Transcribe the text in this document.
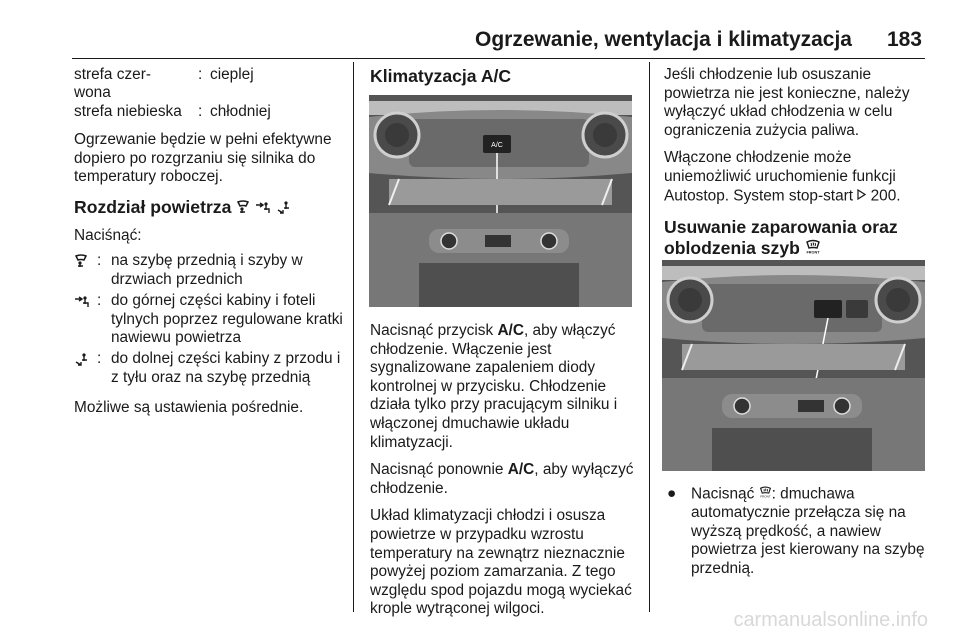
Ogrzewanie, wentylacja i klimatyzacja 183
strefa czer-
wona
: cieplej
strefa niebieska : chłodniej

Ogrzewanie będzie w pełni efektywne dopiero po rozgrzaniu się silnika do temperatury roboczej.

Rozdział powietrza
Naciśnąć:
: na szybę przednią i szyby w drzwiach przednich
: do górnej części kabiny i foteli tylnych poprzez regulowane kratki nawiewu powietrza
: do dolnej części kabiny z przodu i z tyłu oraz na szybę przednią

Możliwe są ustawienia pośrednie.

Klimatyzacja A/C
A/C

Nacisnąć przycisk A/C, aby włączyć chłodzenie. Włączenie jest sygnalizowane zapaleniem diody kontrolnej w przycisku. Chłodzenie działa tylko przy pracującym silniku i włączonej dmuchawie układu klimatyzacji.

Nacisnąć ponownie A/C, aby wyłączyć chłodzenie.

Układ klimatyzacji chłodzi i osusza powietrze w przypadku wzrostu temperatury na zewnątrz nieznacznie powyżej poziom zamarzania. Z tego względu spod pojazdu mogą wyciekać krople wytrąconej wilgoci.

Jeśli chłodzenie lub osuszanie powietrza nie jest konieczne, należy wyłączyć układ chłodzenia w celu ograniczenia zużycia paliwa.

Włączone chłodzenie może uniemożliwić uruchomienie funkcji Autostop. System stop-start  200.

Usuwanie zaparowania oraz
oblodzenia szyb FRONT
● Nacisnąć FRONT : dmuchawa automatycznie przełącza się na wyższą prędkość, a nawiew powietrza jest kierowany na szybę przednią.
carmanualsonline.info
